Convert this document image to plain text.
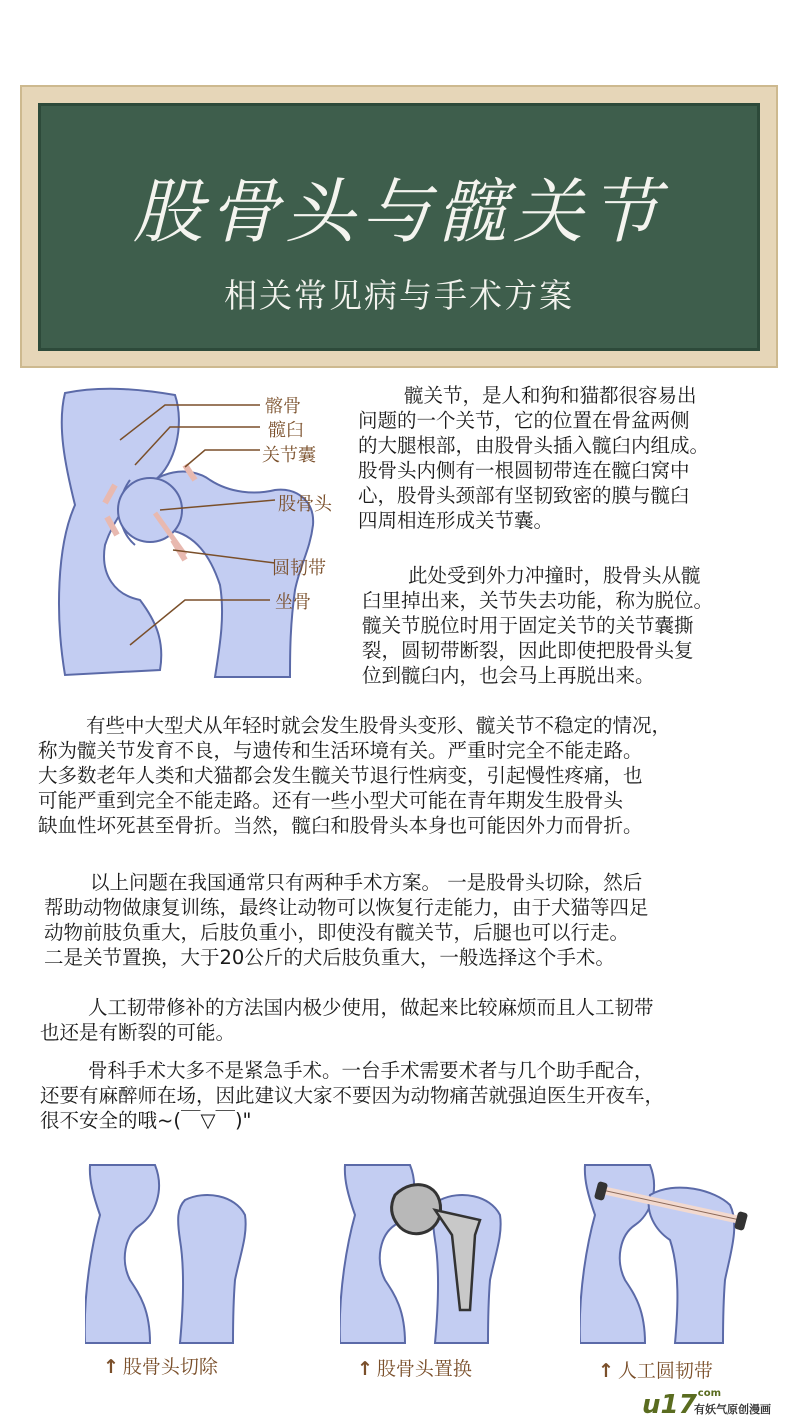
股骨头与髋关节
相关常见病与手术方案
髂骨
髋臼
关节囊
股骨头
圆韧带
坐骨

髋关节，是人和狗和猫都很容易出

问题的一个关节，它的位置在骨盆两侧

的大腿根部，由股骨头插入髋臼内组成。

股骨头内侧有一根圆韧带连在髋臼窝中

心，股骨头颈部有坚韧致密的膜与髋臼

四周相连形成关节囊。

此处受到外力冲撞时，股骨头从髋

臼里掉出来，关节失去功能，称为脱位。

髋关节脱位时用于固定关节的关节囊撕

裂，圆韧带断裂，因此即使把股骨头复

位到髋臼内，也会马上再脱出来。

有些中大型犬从年轻时就会发生股骨头变形、髋关节不稳定的情况，

称为髋关节发育不良，与遗传和生活环境有关。严重时完全不能走路。

大多数老年人类和犬猫都会发生髋关节退行性病变，引起慢性疼痛，也

可能严重到完全不能走路。还有一些小型犬可能在青年期发生股骨头

缺血性坏死甚至骨折。当然，髋臼和股骨头本身也可能因外力而骨折。

以上问题在我国通常只有两种手术方案。 一是股骨头切除，然后

帮助动物做康复训练，最终让动物可以恢复行走能力，由于犬猫等四足

动物前肢负重大，后肢负重小，即使没有髋关节，后腿也可以行走。

二是关节置换，大于20公斤的犬后肢负重大，一般选择这个手术。

人工韧带修补的方法国内极少使用，做起来比较麻烦而且人工韧带

也还是有断裂的可能。

骨科手术大多不是紧急手术。一台手术需要术者与几个助手配合，

还要有麻醉师在场，因此建议大家不要因为动物痛苦就强迫医生开夜车，

很不安全的哦~(￣▽￣)"

↑ 股骨头切除	↑ 股骨头置换	↑ 人工圆韧带
u17
.com
有妖气原创漫画
